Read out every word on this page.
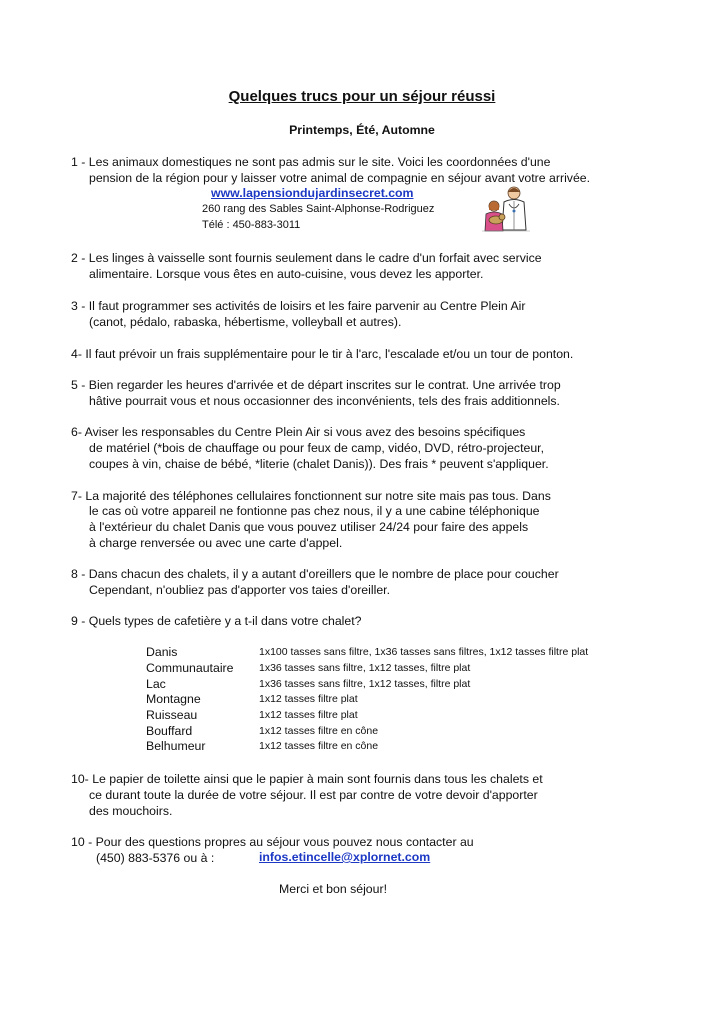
Quelques trucs pour un séjour réussi
Printemps, Été, Automne
1 - Les animaux domestiques ne sont pas admis sur le site. Voici les coordonnées d'une
pension de la région pour y laisser votre animal de compagnie en séjour avant votre arrivée.
www.lapensiondujardinsecret.com
260 rang des Sables Saint-Alphonse-Rodriguez
Télé : 450-883-3011
2 - Les linges à vaisselle sont fournis seulement dans le cadre d'un forfait avec service
alimentaire. Lorsque vous êtes en auto-cuisine, vous devez les apporter.
3 - Il faut programmer ses activités de loisirs et les faire parvenir au Centre Plein Air
(canot, pédalo, rabaska, hébertisme, volleyball et autres).
4- Il faut prévoir un frais supplémentaire pour le tir à l'arc, l'escalade et/ou un tour de ponton.
5 - Bien regarder les heures d'arrivée et de départ inscrites sur le contrat. Une arrivée trop
hâtive pourrait vous et nous occasionner des inconvénients, tels des frais additionnels.
6- Aviser les responsables du Centre Plein Air si vous avez des besoins spécifiques
de matériel (*bois de chauffage ou pour feux de camp, vidéo, DVD, rétro-projecteur,
coupes à vin, chaise de bébé, *literie (chalet Danis)). Des frais * peuvent s'appliquer.
7- La majorité des téléphones cellulaires fonctionnent sur notre site mais pas tous. Dans
le cas où votre appareil ne fontionne pas chez nous, il y a une cabine téléphonique
à l'extérieur du chalet Danis que vous pouvez utiliser 24/24 pour faire des appels
à charge renversée ou avec une carte d'appel.
8 - Dans chacun des chalets, il y a autant d'oreillers que le nombre de place pour coucher
Cependant, n'oubliez pas d'apporter vos taies d'oreiller.
9 - Quels types de cafetière y a t-il dans votre chalet?
Danis	1x100 tasses sans filtre, 1x36 tasses sans filtres, 1x12 tasses filtre plat
Communautaire 1x36 tasses sans filtre, 1x12 tasses, filtre plat
Lac	1x36 tasses sans filtre, 1x12 tasses, filtre plat
Montagne	1x12 tasses filtre plat
Ruisseau	1x12 tasses filtre plat
Bouffard	1x12 tasses filtre en cône
Belhumeur	1x12 tasses filtre en cône
10- Le papier de toilette ainsi que le papier à main sont fournis dans tous les chalets et
ce durant toute la durée de votre séjour. Il est par contre de votre devoir d'apporter
des mouchoirs.
10 - Pour des questions propres au séjour vous pouvez nous contacter au
(450) 883-5376 ou à :	infos.etincelle@xplornet.com
Merci et bon séjour!
